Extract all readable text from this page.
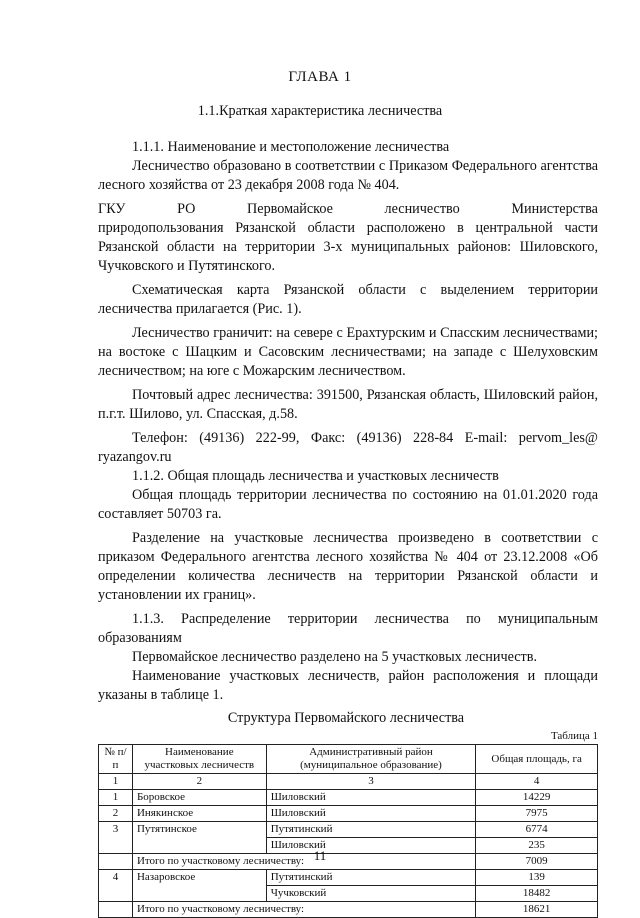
ГЛАВА 1
1.1.Краткая характеристика лесничества

1.1.1. Наименование и местоположение лесничества

Лесничество образовано в соответствии с Приказом Федерального агентства лесного хозяйства от 23 декабря 2008 года № 404.

ГКУ	РО	Первомайское	лесничество	Министерства

природопользования Рязанской области расположено в центральной части Рязанской области на территории 3-х муниципальных районов: Шиловского, Чучковского и Путятинского.

Схематическая карта Рязанской области с выделением территории лесничества прилагается (Рис. 1).

Лесничество граничит: на севере с Ерахтурским и Спасским лесничествами; на востоке с Шацким и Сасовским лесничествами; на западе с Шелуховским лесничеством; на юге с Можарским лесничеством.

Почтовый адрес лесничества: 391500, Рязанская область, Шиловский район, п.г.т. Шилово, ул. Спасская, д.58.

Телефон: (49136) 222-99, Факс: (49136) 228-84 E-mail: pervom_les@ ryazangov.ru

1.1.2. Общая площадь лесничества и участковых лесничеств

Общая площадь территории лесничества по состоянию на 01.01.2020 года составляет 50703 га.

Разделение на участковые лесничества произведено в соответствии с приказом Федерального агентства лесного хозяйства № 404 от 23.12.2008 «Об определении количества лесничеств на территории Рязанской области и установлении их границ».

1.1.3. Распределение территории лесничества по муниципальным образованиям

Первомайское лесничество разделено на 5 участковых лесничеств.

Наименование участковых лесничеств, район расположения и площади указаны в таблице 1.

Структура Первомайского лесничества
Таблица 1
№ п/п	Наименование участковых лесничеств	Административный район (муниципальное образование)	Общая площадь, га
1	2	3	4
1	Боровское	Шиловский	14229
2	Инякинское	Шиловский	7975
3	Путятинское	Путятинский	6774
		Шиловский	235
	Итого по участковому лесничеству:		7009
4	Назаровское	Путятинский	139
		Чучковский	18482
	Итого по участковому лесничеству:		18621
11
